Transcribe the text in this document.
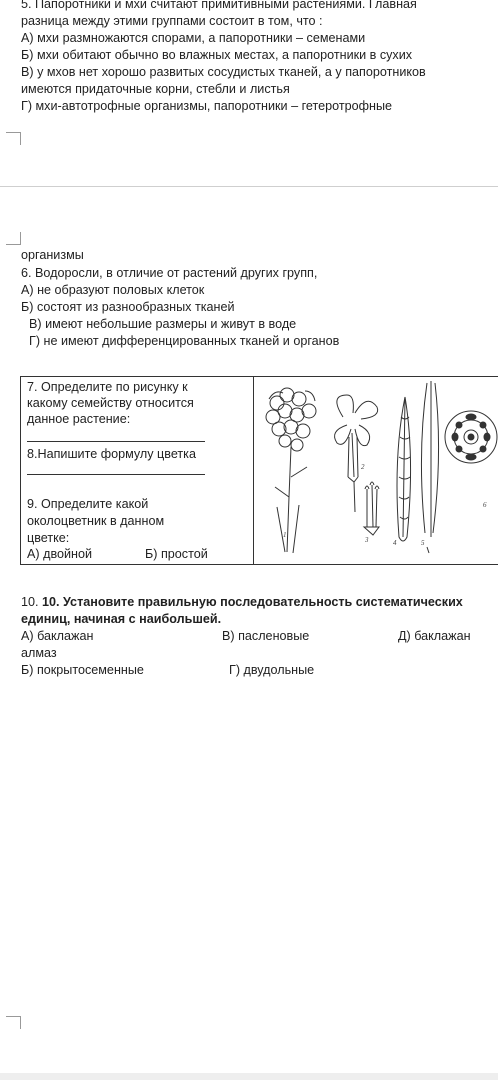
5. Папоротники и мхи считают примитивными растениями. Главная
разница между этими группами состоит в том, что :
А) мхи размножаются спорами, а папоротники – семенами
Б) мхи обитают обычно во влажных местах, а папоротники в сухих
В) у мхов нет хорошо развитых сосудистых тканей, а у папоротников
имеются придаточные корни, стебли и листья
Г) мхи-автотрофные организмы, папоротники – гетеротрофные
организмы
6. Водоросли, в отличие от растений других групп,
А) не образуют половых клеток
Б) состоят из разнообразных тканей
В) имеют небольшие размеры и живут в воде
Г) не имеют дифференцированных тканей и органов
7. Определите по рисунку к
какому семейству относится
данное растение:
8.Напишите формулу цветка
9. Определите какой
околоцветник в данном
цветке:
А) двойной	Б) простой
1
2
3	4	5
6
10. 10. Установите правильную последовательность систематических
единиц, начиная с наибольшей.
А) баклажан	В) пасленовые	Д) баклажан
алмаз
Б) покрытосеменные	Г) двудольные
